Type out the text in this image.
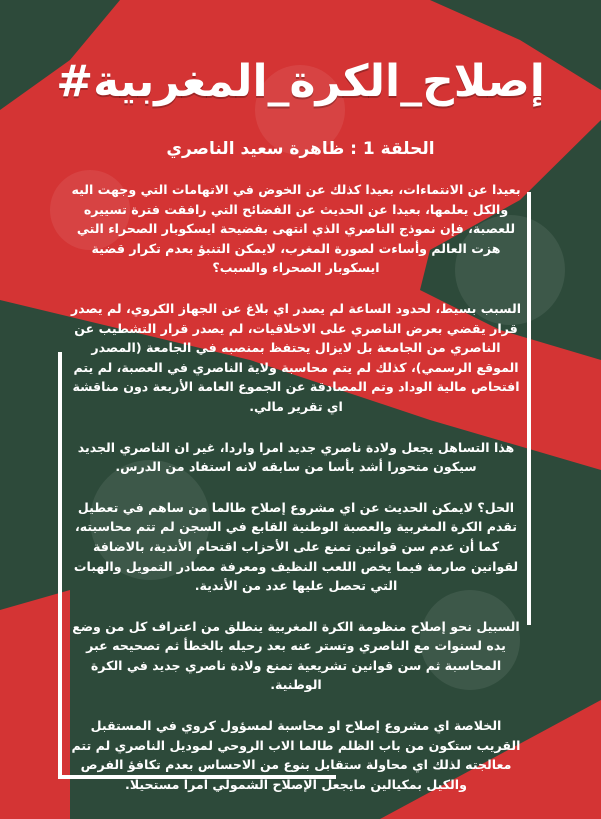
#إصلاح_الكرة_المغربية
الحلقة 1 : ظاهرة سعيد الناصري

بعيدا عن الانتماءات، بعيدا كذلك عن الخوض في الاتهامات التي وجهت اليه والكل يعلمها، بعيدا عن الحديث عن الفضائح التي رافقت فترة تسييره للعصبة، فإن نموذج الناصري الذي انتهى بفضيحة ايسكوبار الصحراء التي هزت العالم وأساءت لصورة المغرب، لايمكن التنبؤ بعدم تكرار قضية ايسكوبار الصحراء والسبب؟

السبب بسيط، لحدود الساعة لم يصدر اي بلاغ عن الجهاز الكروي، لم يصدر قرار يقضي بعرض الناصري على الاخلاقيات، لم يصدر قرار التشطيب عن الناصري من الجامعة بل لايزال يحتفظ بمنصبه في الجامعة (المصدر الموقع الرسمي)، كذلك لم يتم محاسبة ولاية الناصري في العصبة، لم يتم افتحاص مالية الوداد وتم المصادقة عن الجموع العامة الأربعة دون مناقشة اي تقرير مالي.

هذا التساهل يجعل ولادة ناصري جديد امرا واردا، غير ان الناصري الجديد سيكون متحورا أشد بأسا من سابقه لانه استفاد من الدرس.

الحل؟ لايمكن الحديث عن اي مشروع إصلاح طالما من ساهم في تعطيل تقدم الكرة المغربية والعصبة الوطنية القابع في السجن لم تتم محاسبته، كما أن عدم سن قوانين تمنع على الأحزاب اقتحام الأندية، بالاضافة لقوانين صارمة فيما يخص اللعب النظيف ومعرفة مصادر التمويل والهبات التي تحصل عليها عدد من الأندية.

السبيل نحو إصلاح منظومة الكرة المغربية ينطلق من اعتراف كل من وضع يده لسنوات مع الناصري وتستر عنه بعد رحيله بالخطأ ثم تصحيحه عبر المحاسبة ثم سن قوانين تشريعية تمنع ولادة ناصري جديد في الكرة الوطنية.

الخلاصة اي مشروع إصلاح او محاسبة لمسؤول كروي في المستقبل القريب ستكون من باب الظلم طالما الاب الروحي لموديل الناصري لم تتم معالجته لذلك اي محاولة ستقابل بنوع من الاحساس بعدم تكافؤ الفرص والكيل بمكيالين مايجعل الإصلاح الشمولي امرا مستحيلا.
